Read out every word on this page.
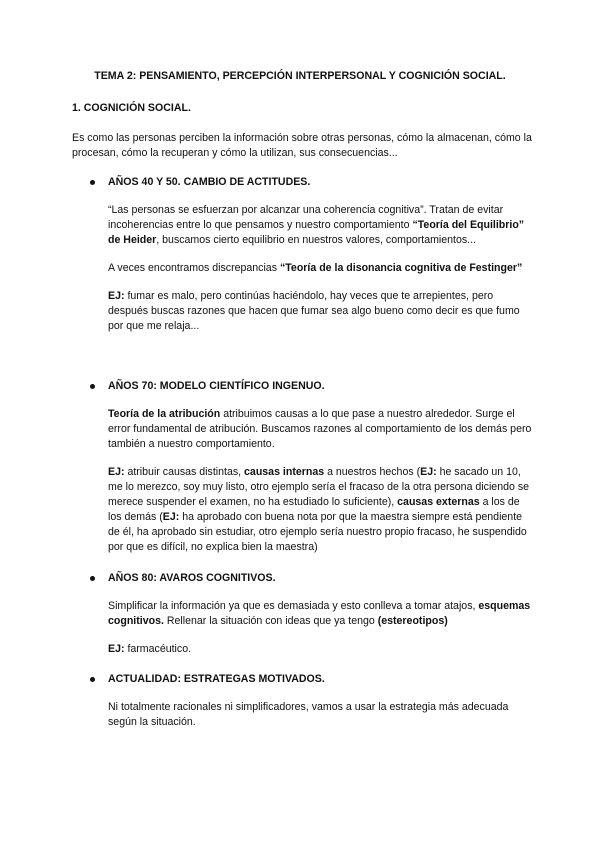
TEMA 2: PENSAMIENTO, PERCEPCIÓN INTERPERSONAL Y COGNICIÓN SOCIAL.
1. COGNICIÓN SOCIAL.
Es como las personas perciben la información sobre otras personas, cómo la almacenan, cómo la procesan, cómo la recuperan y cómo la utilizan, sus consecuencias...
AÑOS 40 Y 50. CAMBIO DE ACTITUDES.
“Las personas se esfuerzan por alcanzar una coherencia cognitiva”. Tratan de evitar incoherencias entre lo que pensamos y nuestro comportamiento “Teoría del Equilibrio” de Heider, buscamos cierto equilibrio en nuestros valores, comportamientos...
A veces encontramos discrepancias “Teoría de la disonancia cognitiva de Festinger”
EJ: fumar es malo, pero continúas haciéndolo, hay veces que te arrepientes, pero después buscas razones que hacen que fumar sea algo bueno como decir es que fumo por que me relaja...
AÑOS 70: MODELO CIENTÍFICO INGENUO.
Teoría de la atribución atribuimos causas a lo que pase a nuestro alrededor. Surge el error fundamental de atribución. Buscamos razones al comportamiento de los demás pero también a nuestro comportamiento.
EJ: atribuir causas distintas, causas internas a nuestros hechos (EJ: he sacado un 10, me lo merezco, soy muy listo, otro ejemplo sería el fracaso de la otra persona diciendo se merece suspender el examen, no ha estudiado lo suficiente), causas externas a los de los demás (EJ: ha aprobado con buena nota por que la maestra siempre está pendiente de él, ha aprobado sin estudiar, otro ejemplo sería nuestro propio fracaso, he suspendido por que es difícil, no explica bien la maestra)
AÑOS 80: AVAROS COGNITIVOS.
Simplificar la información ya que es demasiada y esto conlleva a tomar atajos, esquemas cognitivos. Rellenar la situación con ideas que ya tengo (estereotipos)
EJ: farmacéutico.
ACTUALIDAD: ESTRATEGAS MOTIVADOS.
Ni totalmente racionales ni simplificadores, vamos a usar la estrategia más adecuada según la situación.
